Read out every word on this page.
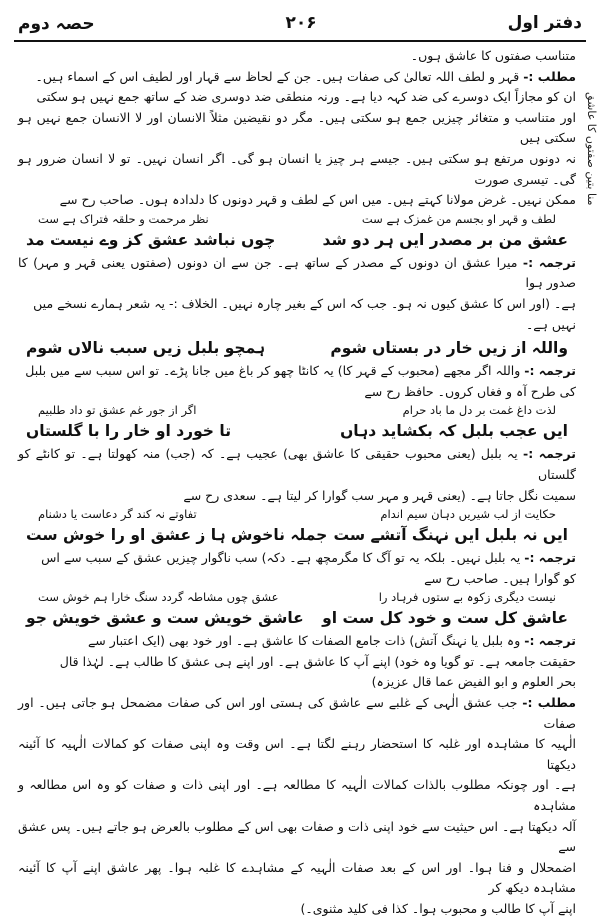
دفتر اول
۲۰۶
حصہ دوم
منا بتین صفتوں کا عاشق

متناسب صفتوں کا عاشق ہوں۔

مطلب :- قہر و لطف اللہ تعالیٰ کی صفات ہیں۔ جن کے لحاظ سے قہار اور لطیف اس کے اسماء ہیں۔

ان کو مجازاً ایک دوسرے کی ضد کہہ دیا ہے۔ ورنہ منطقی ضد دوسری ضد کے ساتھ جمع نہیں ہو سکتی

اور متناسب و متغائر چیزیں جمع ہو سکتی ہیں۔ مگر دو نقیضین مثلاً الانسان اور لا الانسان جمع نہیں ہو سکتی ہیں

نہ دونوں مرتفع ہو سکتی ہیں۔ جیسے ہر چیز یا انسان ہو گی۔ اگر انسان نہیں۔ تو لا انسان ضرور ہو گی۔ تیسری صورت

ممکن نہیں۔ غرض مولانا کہتے ہیں۔ میں اس کے لطف و قہر دونوں کا دلدادہ ہوں۔ صاحب رح سے

لطف و قہر او بجسم من غمزک ہے ست
نظر مرحمت و حلقہ فتراک ہے ست
عشق من بر مصدر ایں ہر دو شد
چوں نباشد عشق کز وے نیست مد

ترجمہ :- میرا عشق ان دونوں کے مصدر کے ساتھ ہے۔ جن سے ان دونوں (صفتوں یعنی قہر و مہر) کا صدور ہوا

ہے۔ (اور اس کا عشق کیوں نہ ہو۔ جب کہ اس کے بغیر چارہ نہیں۔ الخلاف :- یہ شعر ہمارے نسخے میں

نہیں ہے۔

واللہ از زیں خار در بستاں شوم
ہمچو بلبل زیں سبب نالاں شوم

ترجمہ :- واللہ اگر مجھے (محبوب کے قہر کا) یہ کانٹا چھو کر باغ میں جانا پڑے۔ تو اس سبب سے میں بلبل

کی طرح آہ و فغاں کروں۔ حافظ رح سے

لذت داغ غمت بر دل ما باد حرام
اگر از جور غم عشق تو داد طلبیم
ایں عجب بلبل کہ بکشاید دہاں
تا خورد او خار را با گلستاں

ترجمہ :- یہ بلبل (یعنی محبوب حقیقی کا عاشق بھی) عجیب ہے۔ کہ (جب) منہ کھولتا ہے۔ تو کانٹے کو گلستاں

سمیت نگل جاتا ہے۔ (یعنی قہر و مہر سب گوارا کر لیتا ہے۔ سعدی رح سے

حکایت از لب شیریں دہان سیم اندام
تفاوتے نہ کند گر دعاست یا دشنام
ایں نہ بلبل ایں نہنگ آتشے ست
جملہ ناخوش ہا ز عشق او را خوش ست

ترجمہ :- یہ بلبل نہیں۔ بلکہ یہ تو آگ کا مگرمچھ ہے۔ دکہ) سب ناگوار چیزیں عشق کے سبب سے اس

کو گوارا ہیں۔ صاحب رح سے

نیست دیگری زکوہ بے ستوں فرہاد را
عشق چوں مشاطہ گردد سنگ خارا ہم خوش ست
عاشق کل ست و خود کل ست او
عاشق خویش ست و عشق خویش جو

ترجمہ :- وہ بلبل یا نہنگ آتش) ذات جامع الصفات کا عاشق ہے۔ اور خود بھی (ایک اعتبار سے

حقیقت جامعہ ہے۔ تو گویا وہ خود) اپنے آپ کا عاشق ہے۔ اور اپنے ہی عشق کا طالب ہے۔ لہٰذا قال

بحر العلوم و ابو الفیض عما قال عزیزہ)

مطلب :- جب عشق الٰہی کے غلبے سے عاشق کی ہستی اور اس کی صفات مضمحل ہو جاتی ہیں۔ اور صفات

الٰہیہ کا مشاہدہ اور غلبہ کا استحضار رہنے لگتا ہے۔ اس وقت وہ اپنی صفات کو کمالات الٰہیہ کا آئینہ دیکھتا

ہے۔ اور چونکہ مطلوب بالذات کمالات الٰہیہ کا مطالعہ ہے۔ اور اپنی ذات و صفات کو وہ اس مطالعہ و مشاہدہ

آلہ دیکھتا ہے۔ اس حیثیت سے خود اپنی ذات و صفات بھی اس کے مطلوب بالعرض ہو جاتے ہیں۔ پس عشق سے

اضمحلال و فنا ہوا۔ اور اس کے بعد صفات الٰہیہ کے مشاہدے کا غلبہ ہوا۔ پھر عاشق اپنے آپ کا آئینہ مشاہدہ دیکھ کر

اپنے آپ کا طالب و محبوب ہوا۔ کذا فی کلید مثنوی۔)
